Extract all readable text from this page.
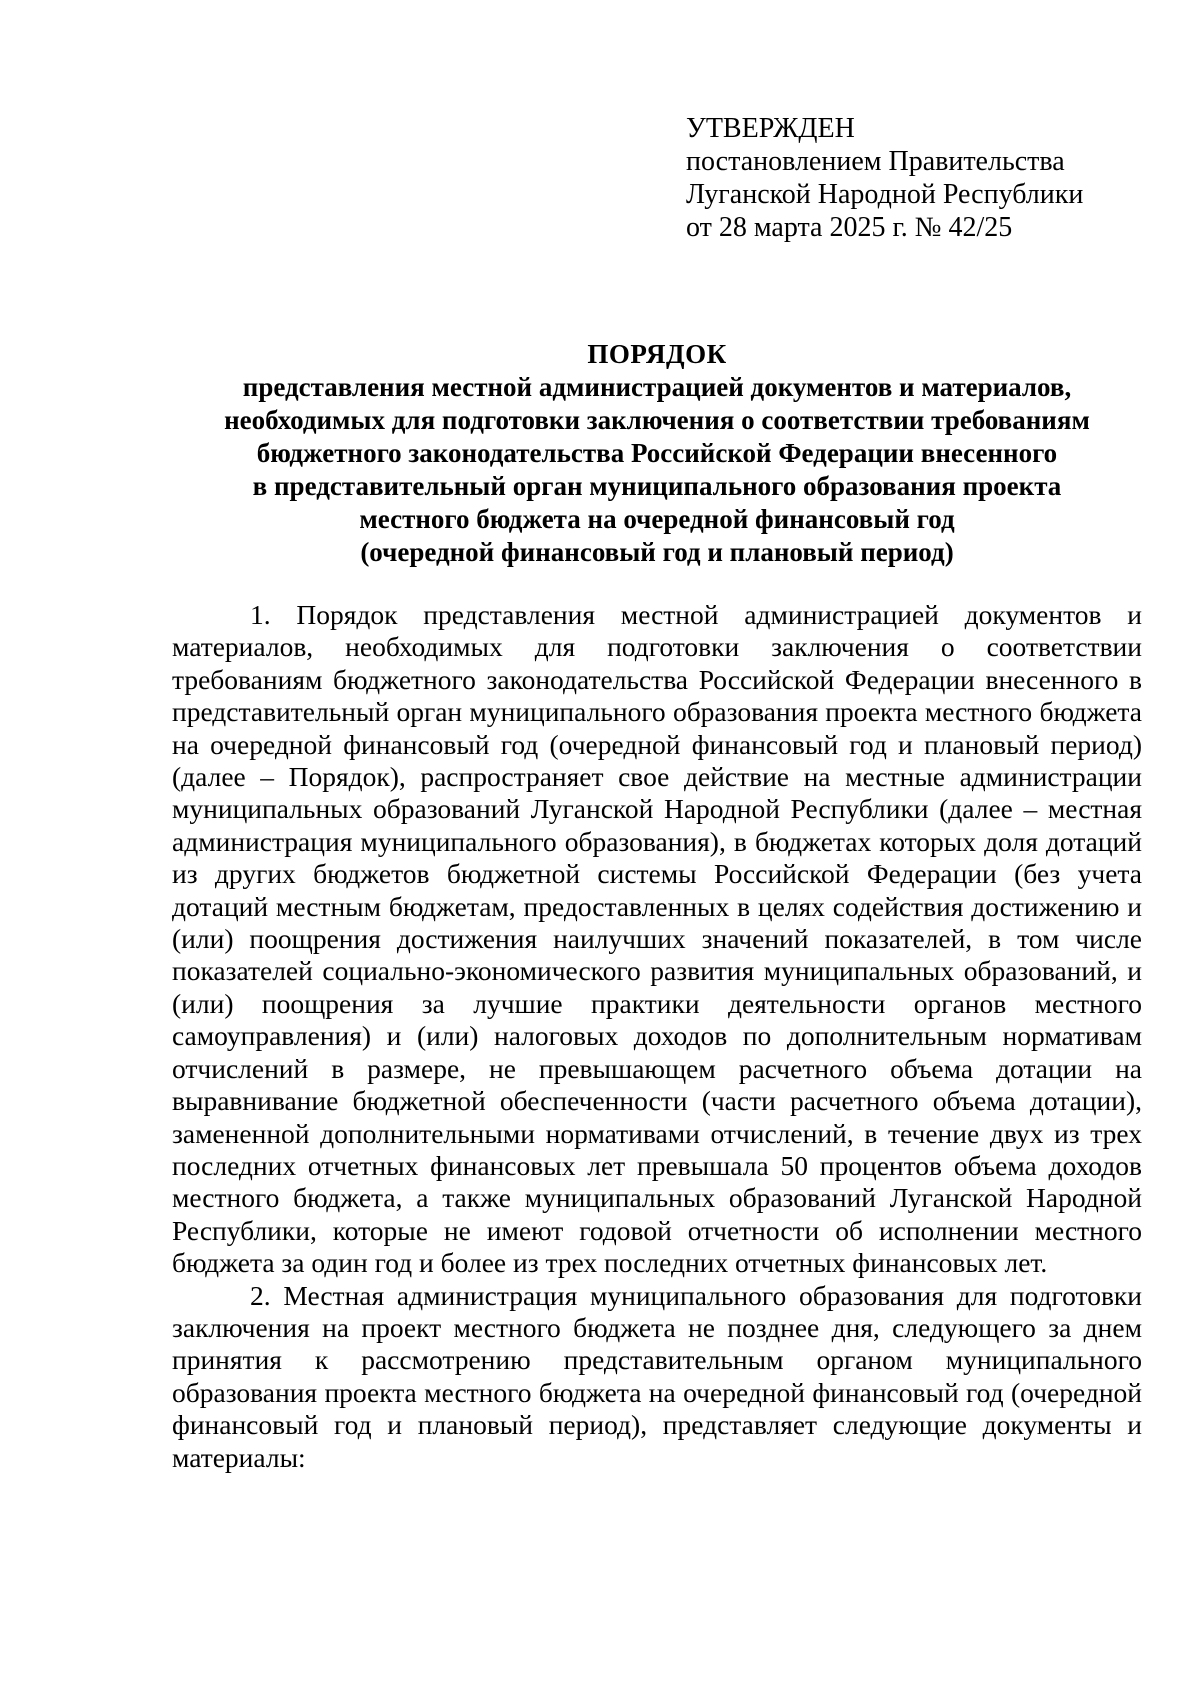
УТВЕРЖДЕН
постановлением Правительства
Луганской Народной Республики
от 28 марта 2025 г. № 42/25
ПОРЯДОК
представления местной администрацией документов и материалов,
необходимых для подготовки заключения о соответствии требованиям
бюджетного законодательства Российской Федерации внесенного
в представительный орган муниципального образования проекта
местного бюджета на очередной финансовый год
(очередной финансовый год и плановый период)

1. Порядок представления местной администрацией документов и материалов, необходимых для подготовки заключения о соответствии требованиям бюджетного законодательства Российской Федерации внесенного в представительный орган муниципального образования проекта местного бюджета на очередной финансовый год (очередной финансовый год и плановый период) (далее – Порядок), распространяет свое действие на местные администрации муниципальных образований Луганской Народной Республики (далее – местная администрация муниципального образования), в бюджетах которых доля дотаций из других бюджетов бюджетной системы Российской Федерации (без учета дотаций местным бюджетам, предоставленных в целях содействия достижению и (или) поощрения достижения наилучших значений показателей, в том числе показателей социально-экономического развития муниципальных образований, и (или) поощрения за лучшие практики деятельности органов местного самоуправления) и (или) налоговых доходов по дополнительным нормативам отчислений в размере, не превышающем расчетного объема дотации на выравнивание бюджетной обеспеченности (части расчетного объема дотации), замененной дополнительными нормативами отчислений, в течение двух из трех последних отчетных финансовых лет превышала 50 процентов объема доходов местного бюджета, а также муниципальных образований Луганской Народной Республики, которые не имеют годовой отчетности об исполнении местного бюджета за один год и более из трех последних отчетных финансовых лет.

2. Местная администрация муниципального образования для подготовки заключения на проект местного бюджета не позднее дня, следующего за днем принятия к рассмотрению представительным органом муниципального образования проекта местного бюджета на очередной финансовый год (очередной финансовый год и плановый период), представляет следующие документы и материалы:
